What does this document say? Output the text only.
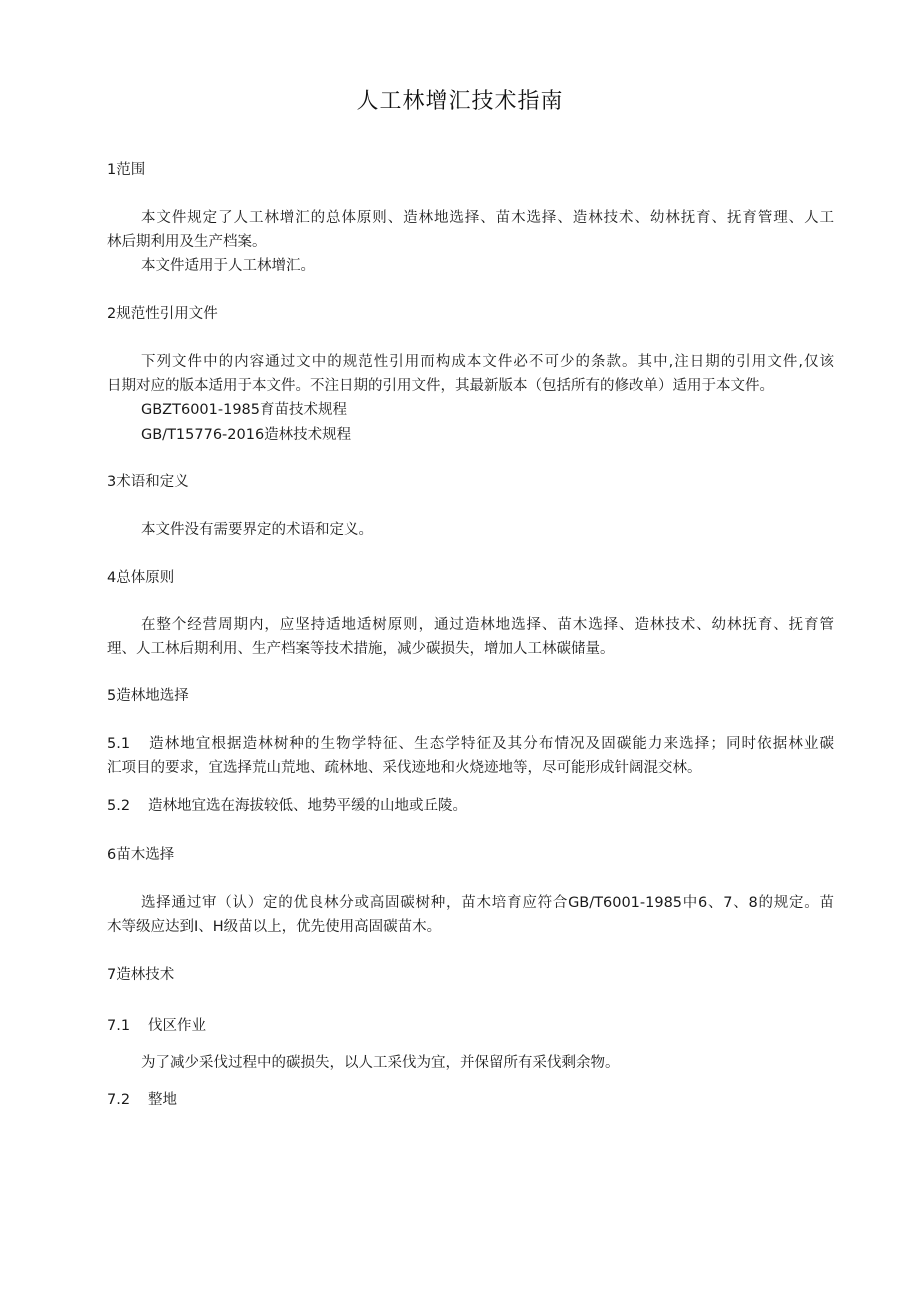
人工林增汇技术指南
1范围
本文件规定了人工林增汇的总体原则、造林地选择、苗木选择、造林技术、幼林抚育、抚育管理、人工
林后期利用及生产档案。
本文件适用于人工林增汇。
2规范性引用文件
下列文件中的内容通过文中的规范性引用而构成本文件必不可少的条款。其中,注日期的引用文件,仅该
日期对应的版本适用于本文件。不注日期的引用文件，其最新版本（包括所有的修改单）适用于本文件。
GBZT6001-1985育苗技术规程
GB/T15776-2016造林技术规程
3术语和定义
本文件没有需要界定的术语和定义。
4总体原则
在整个经营周期内，应坚持适地适树原则，通过造林地选择、苗木选择、造林技术、幼林抚育、抚育管
理、人工林后期利用、生产档案等技术措施，减少碳损失，增加人工林碳储量。
5造林地选择
5.1 造林地宜根据造林树种的生物学特征、生态学特征及其分布情况及固碳能力来选择；同时依据林业碳
汇项目的要求，宜选择荒山荒地、疏林地、采伐迹地和火烧迹地等，尽可能形成针阔混交林。
5.2 造林地宜选在海拔较低、地势平缓的山地或丘陵。
6苗木选择
选择通过审（认）定的优良林分或高固碳树种，苗木培育应符合GB/T6001-1985中6、7、8的规定。苗
木等级应达到I、H级苗以上，优先使用高固碳苗木。
7造林技术
7.1 伐区作业
为了减少采伐过程中的碳损失，以人工采伐为宜，并保留所有采伐剩余物。
7.2 整地
